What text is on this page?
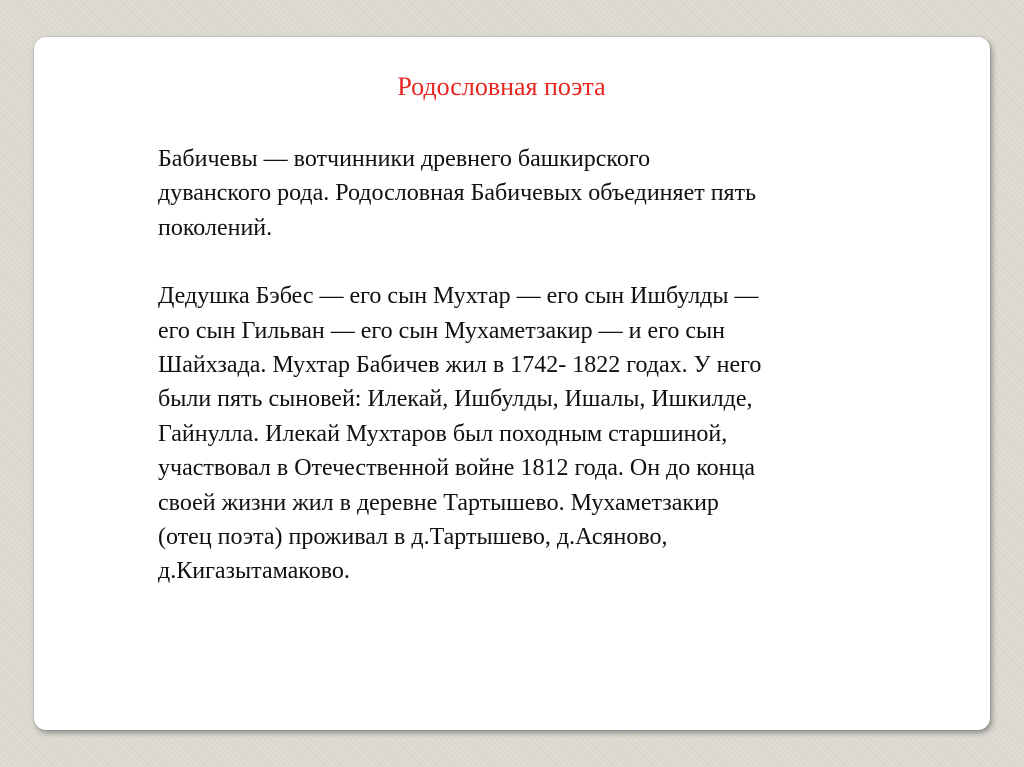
Родословная поэта

Бабичевы — вотчинники древнего башкирского
дуванского рода. Родословная Бабичевых объединяет пять
поколений.

Дедушка Бэбес — его сын Мухтар — его сын Ишбулды —
его сын Гильван — его сын Мухаметзакир — и его сын
Шайхзада. Мухтар Бабичев жил в 1742- 1822 годах. У него
были пять сыновей: Илекай, Ишбулды, Ишалы, Ишкилде,
Гайнулла. Илекай Мухтаров был походным старшиной,
участвовал в Отечественной войне 1812 года. Он до конца
своей жизни жил в деревне Тартышево. Мухаметзакир
(отец поэта) проживал в д.Тартышево, д.Асяново,
д.Кигазытамаково.
